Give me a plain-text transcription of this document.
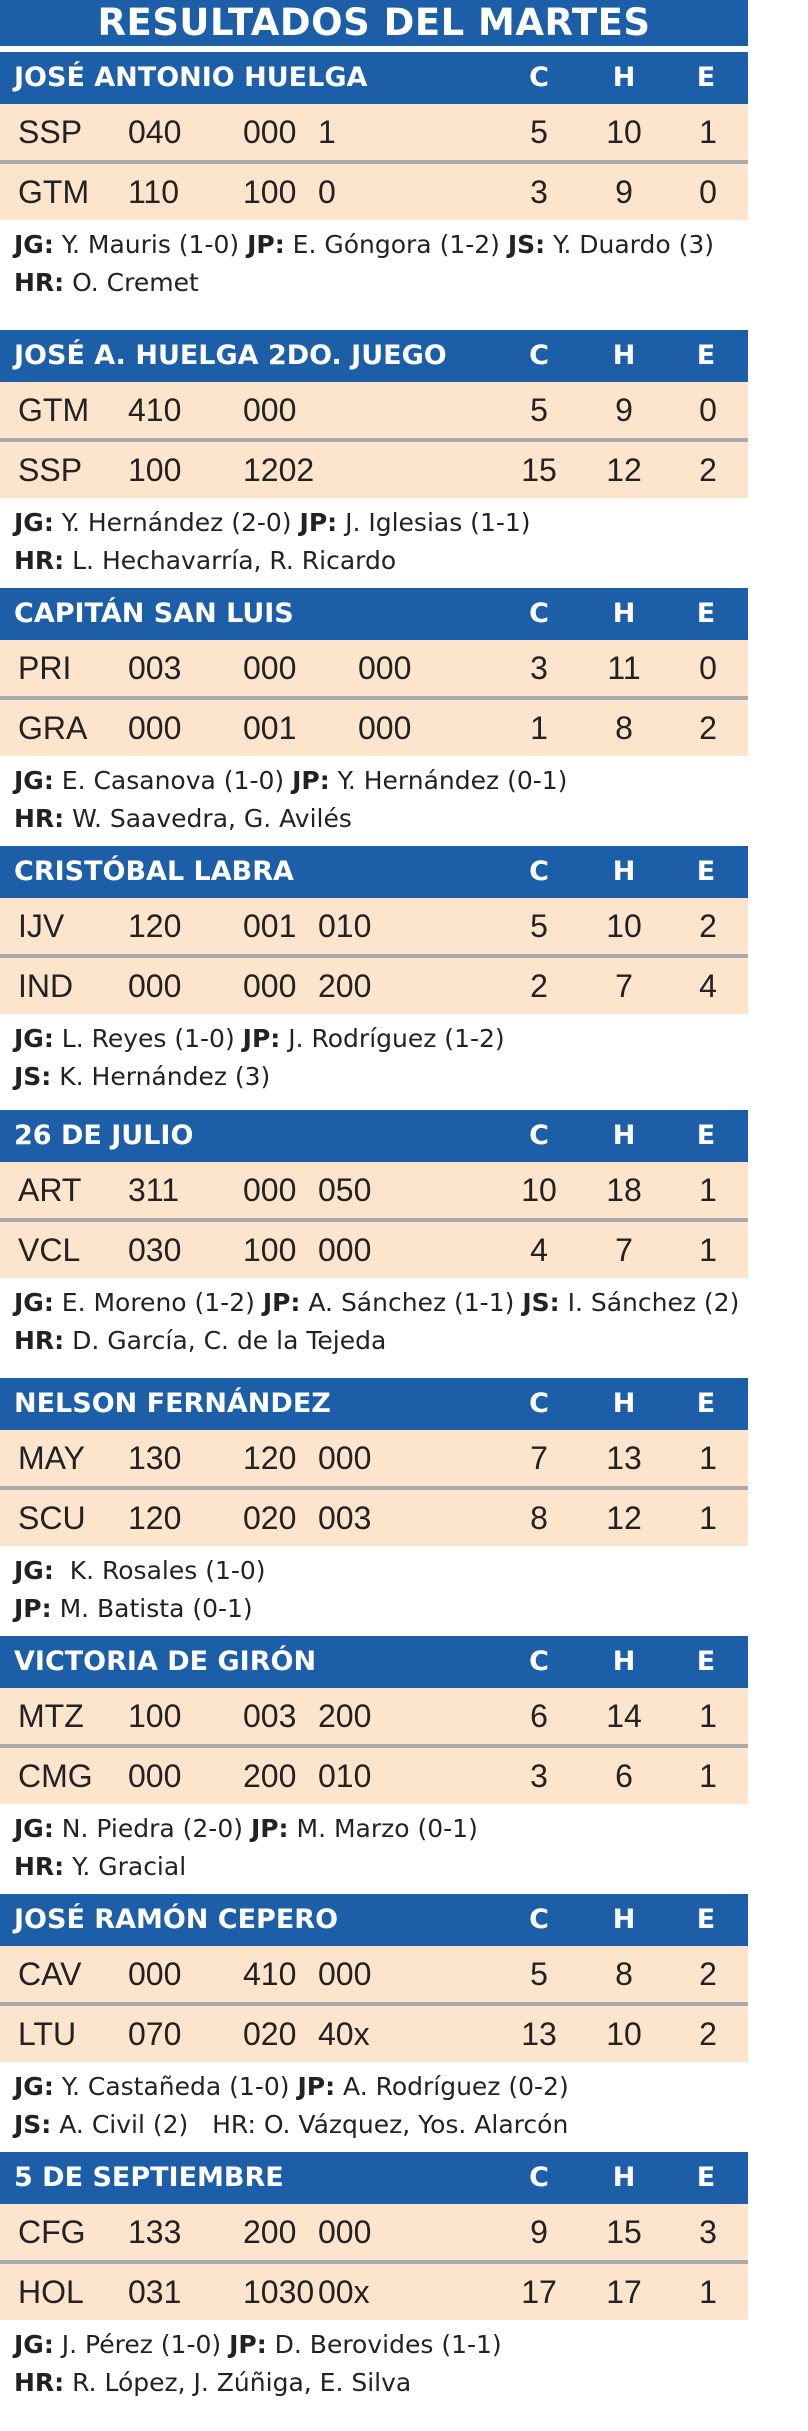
RESULTADOS DEL MARTES
JOSÉ ANTONIO HUELGA	C	H	E
SSP 040 000 1	5	10	1
GTM 110 100 0	3	9	0
JG: Y. Mauris (1-0) JP: E. Góngora (1-2) JS: Y. Duardo (3)
HR: O. Cremet
JOSÉ A. HUELGA 2DO. JUEGO	C	H	E
GTM 410 000	5	9	0
SSP 100 1202	15	12	2
JG: Y. Hernández (2-0) JP: J. Iglesias (1-1)
HR: L. Hechavarría, R. Ricardo
CAPITÁN SAN LUIS	C	H	E
PRI 003 000 000	3	11	0
GRA 000 001 000	1	8	2
JG: E. Casanova (1-0) JP: Y. Hernández (0-1)
HR: W. Saavedra, G. Avilés
CRISTÓBAL LABRA	C	H	E
IJV 120 001 010	5	10	2
IND 000 000 200	2	7	4
JG: L. Reyes (1-0) JP: J. Rodríguez (1-2)
JS: K. Hernández (3)
26 DE JULIO	C	H	E
ART 311 000 050	10	18	1
VCL 030 100 000	4	7	1
JG: E. Moreno (1-2) JP: A. Sánchez (1-1) JS: I. Sánchez (2)
HR: D. García, C. de la Tejeda
NELSON FERNÁNDEZ	C	H	E
MAY 130 120 000	7	13	1
SCU 120 020 003	8	12	1
JG:  K. Rosales (1-0)
JP: M. Batista (0-1)
VICTORIA DE GIRÓN	C	H	E
MTZ 100 003 200	6	14	1
CMG 000 200 010	3	6	1
JG: N. Piedra (2-0) JP: M. Marzo (0-1)
HR: Y. Gracial
JOSÉ RAMÓN CEPERO	C	H	E
CAV 000 410 000	5	8	2
LTU 070 020 40x	13	10	2
JG: Y. Castañeda (1-0) JP: A. Rodríguez (0-2)
JS: A. Civil (2)   HR: O. Vázquez, Yos. Alarcón
5 DE SEPTIEMBRE	C	H	E
CFG 133 200 000	9	15	3
HOL 031 1030 00x	17	17	1
JG: J. Pérez (1-0) JP: D. Berovides (1-1)
HR: R. López, J. Zúñiga, E. Silva
